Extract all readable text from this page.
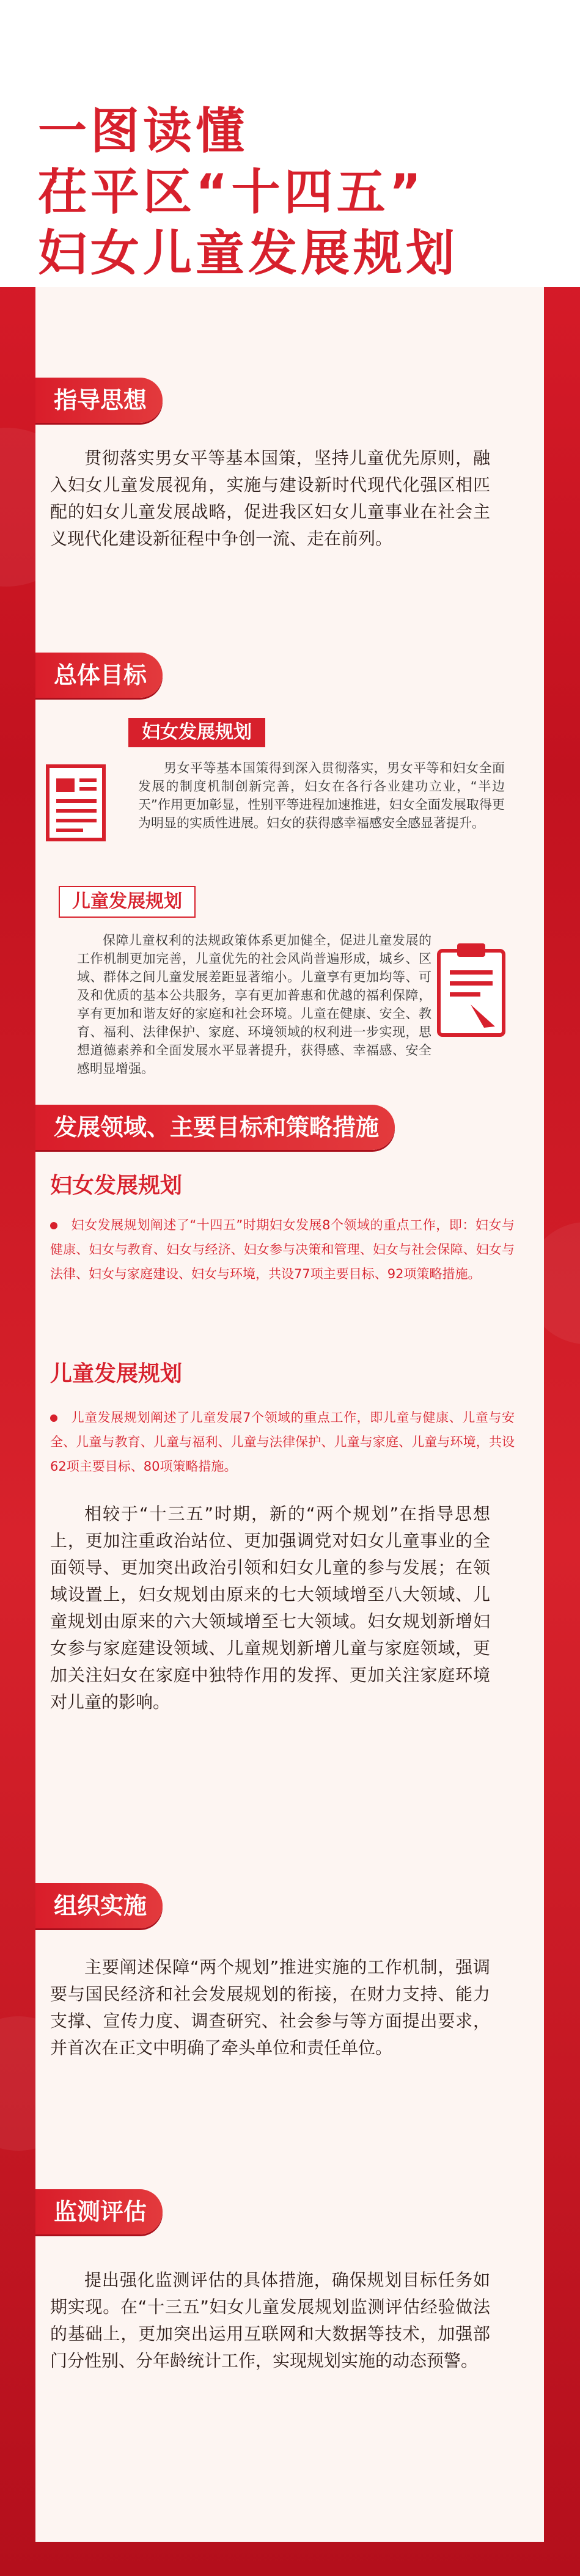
一图读懂
茌平区“十四五”
妇女儿童发展规划
指导思想
贯彻落实男女平等基本国策，坚持儿童优先原则，融入妇女儿童发展视角，实施与建设新时代现代化强区相匹配的妇女儿童发展战略，促进我区妇女儿童事业在社会主义现代化建设新征程中争创一流、走在前列。
总体目标
妇女发展规划
男女平等基本国策得到深入贯彻落实，男女平等和妇女全面发展的制度机制创新完善，妇女在各行各业建功立业，“半边天”作用更加彰显，性别平等进程加速推进，妇女全面发展取得更为明显的实质性进展。妇女的获得感幸福感安全感显著提升。
儿童发展规划
保障儿童权利的法规政策体系更加健全，促进儿童发展的工作机制更加完善，儿童优先的社会风尚普遍形成，城乡、区域、群体之间儿童发展差距显著缩小。儿童享有更加均等、可及和优质的基本公共服务，享有更加普惠和优越的福利保障，享有更加和谐友好的家庭和社会环境。儿童在健康、安全、教育、福利、法律保护、家庭、环境领域的权利进一步实现，思想道德素养和全面发展水平显著提升，获得感、幸福感、安全感明显增强。
发展领域、主要目标和策略措施
妇女发展规划
妇女发展规划阐述了“十四五”时期妇女发展8个领域的重点工作，即：妇女与健康、妇女与教育、妇女与经济、妇女参与决策和管理、妇女与社会保障、妇女与法律、妇女与家庭建设、妇女与环境，共设77项主要目标、92项策略措施。
儿童发展规划
儿童发展规划阐述了儿童发展7个领域的重点工作，即儿童与健康、儿童与安全、儿童与教育、儿童与福利、儿童与法律保护、儿童与家庭、儿童与环境，共设62项主要目标、80项策略措施。
相较于“十三五”时期，新的“两个规划”在指导思想上，更加注重政治站位、更加强调党对妇女儿童事业的全面领导、更加突出政治引领和妇女儿童的参与发展；在领域设置上，妇女规划由原来的七大领域增至八大领域、儿童规划由原来的六大领域增至七大领域。妇女规划新增妇女参与家庭建设领域、儿童规划新增儿童与家庭领域，更加关注妇女在家庭中独特作用的发挥、更加关注家庭环境对儿童的影响。
组织实施
主要阐述保障“两个规划”推进实施的工作机制，强调要与国民经济和社会发展规划的衔接，在财力支持、能力支撑、宣传力度、调查研究、社会参与等方面提出要求，并首次在正文中明确了牵头单位和责任单位。
监测评估
提出强化监测评估的具体措施，确保规划目标任务如期实现。在“十三五”妇女儿童发展规划监测评估经验做法的基础上，更加突出运用互联网和大数据等技术，加强部门分性别、分年龄统计工作，实现规划实施的动态预警。
